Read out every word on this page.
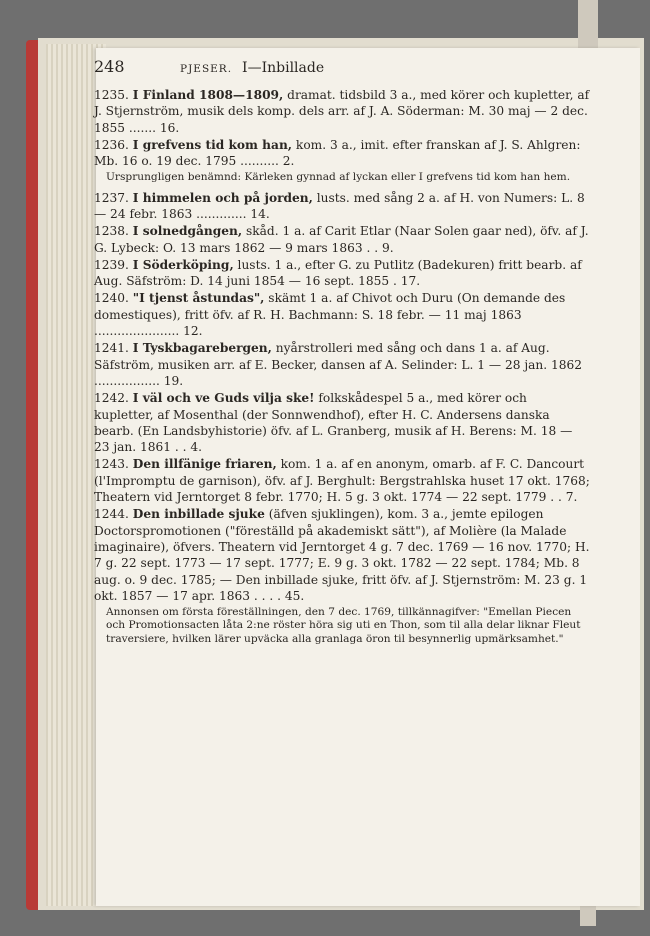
248	PJESER. I—Inbillade
1235. I Finland 1808—1809, dramat. tidsbild 3 a., med körer och kupletter, af J. Stjernström, musik dels komp. dels arr. af J. A. Söderman: M. 30 maj — 2 dec. 1855 ....... 16.
1236. I grefvens tid kom han, kom. 3 a., imit. efter franskan af J. S. Ahlgren: Mb. 16 o. 19 dec. 1795 .......... 2.
Ursprungligen benämnd: Kärleken gynnad af lyckan eller I grefvens tid kom han hem.
1237. I himmelen och på jorden, lusts. med sång 2 a. af H. von Numers: L. 8 — 24 febr. 1863 ............. 14.
1238. I solnedgången, skåd. 1 a. af Carit Etlar (Naar Solen gaar ned), öfv. af J. G. Lybeck: O. 13 mars 1862 — 9 mars 1863 . . 9.
1239. I Söderköping, lusts. 1 a., efter G. zu Putlitz (Badekuren) fritt bearb. af Aug. Säfström: D. 14 juni 1854 — 16 sept. 1855 . 17.
1240. "I tjenst åstundas", skämt 1 a. af Chivot och Duru (On demande des domestiques), fritt öfv. af R. H. Bachmann: S. 18 febr. — 11 maj 1863 ...................... 12.
1241. I Tyskbagarebergen, nyårstrolleri med sång och dans 1 a. af Aug. Säfström, musiken arr. af E. Becker, dansen af A. Selinder: L. 1 — 28 jan. 1862 ................. 19.
1242. I väl och ve Guds vilja ske! folkskådespel 5 a., med körer och kupletter, af Mosenthal (der Sonnwendhof), efter H. C. Andersens danska bearb. (En Landsbyhistorie) öfv. af L. Granberg, musik af H. Berens: M. 18 — 23 jan. 1861 . . 4.
1243. Den illfänige friaren, kom. 1 a. af en anonym, omarb. af F. C. Dancourt (l'Impromptu de garnison), öfv. af J. Berghult: Bergstrahlska huset 17 okt. 1768; Theatern vid Jerntorget 8 febr. 1770; H. 5 g. 3 okt. 1774 — 22 sept. 1779 . . 7.
1244. Den inbillade sjuke (äfven sjuklingen), kom. 3 a., jemte epilogen Doctorspromotionen ("föreställd på akademiskt sätt"), af Molière (la Malade imaginaire), öfvers. Theatern vid Jerntorget 4 g. 7 dec. 1769 — 16 nov. 1770; H. 7 g. 22 sept. 1773 — 17 sept. 1777; E. 9 g. 3 okt. 1782 — 22 sept. 1784; Mb. 8 aug. o. 9 dec. 1785; — Den inbillade sjuke, fritt öfv. af J. Stjernström: M. 23 g. 1 okt. 1857 — 17 apr. 1863 . . . . 45.
Annonsen om första föreställningen, den 7 dec. 1769, tillkännagifver: "Emellan Piecen och Promotionsacten låta 2:ne röster höra sig uti en Thon, som til alla delar liknar Fleut traversiere, hvilken lärer upväcka alla granlaga öron til besynnerlig upmärksamhet."
